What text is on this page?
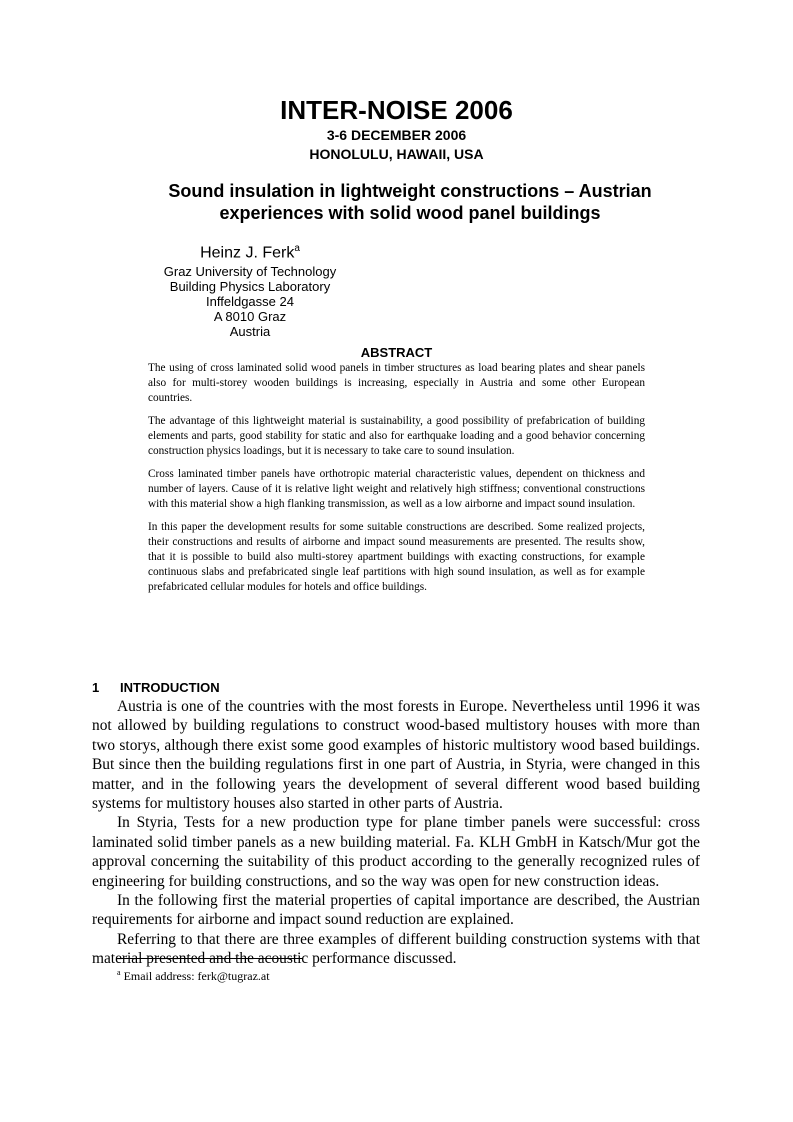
INTER-NOISE 2006
3-6 DECEMBER 2006
HONOLULU, HAWAII, USA
Sound insulation in lightweight constructions – Austrian
experiences with solid wood panel buildings
Heinz J. Ferk$^a$
Graz University of Technology
Building Physics Laboratory
Inffeldgasse 24
A 8010 Graz
Austria
ABSTRACT

The using of cross laminated solid wood panels in timber structures as load bearing plates and shear panels also for multi-storey wooden buildings is increasing, especially in Austria and some other European countries.

The advantage of this lightweight material is sustainability, a good possibility of prefabrication of building elements and parts, good stability for static and also for earthquake loading and a good behavior concerning construction physics loadings, but it is necessary to take care to sound insulation.

Cross laminated timber panels have orthotropic material characteristic values, dependent on thickness and number of layers. Cause of it is relative light weight and relatively high stiffness; conventional constructions with this material show a high flanking transmission, as well as a low airborne and impact sound insulation.

In this paper the development results for some suitable constructions are described. Some realized projects, their constructions and results of airborne and impact sound measurements are presented. The results show, that it is possible to build also multi-storey apartment buildings with exacting constructions, for example continuous slabs and prefabricated single leaf partitions with high sound insulation, as well as for example prefabricated cellular modules for hotels and office buildings.

1 INTRODUCTION

Austria is one of the countries with the most forests in Europe. Nevertheless until 1996 it was not allowed by building regulations to construct wood-based multistory houses with more than two storys, although there exist some good examples of historic multistory wood based buildings. But since then the building regulations first in one part of Austria, in Styria, were changed in this matter, and in the following years the development of several different wood based building systems for multistory houses also started in other parts of Austria.

In Styria, Tests for a new production type for plane timber panels were successful: cross laminated solid timber panels as a new building material. Fa. KLH GmbH in Katsch/Mur got the approval concerning the suitability of this product according to the generally recognized rules of engineering for building constructions, and so the way was open for new construction ideas.

In the following first the material properties of capital importance are described, the Austrian requirements for airborne and impact sound reduction are explained.

Referring to that there are three examples of different building construction systems with that material presented and the acoustic performance discussed.

$^a$ Email address: ferk@tugraz.at
